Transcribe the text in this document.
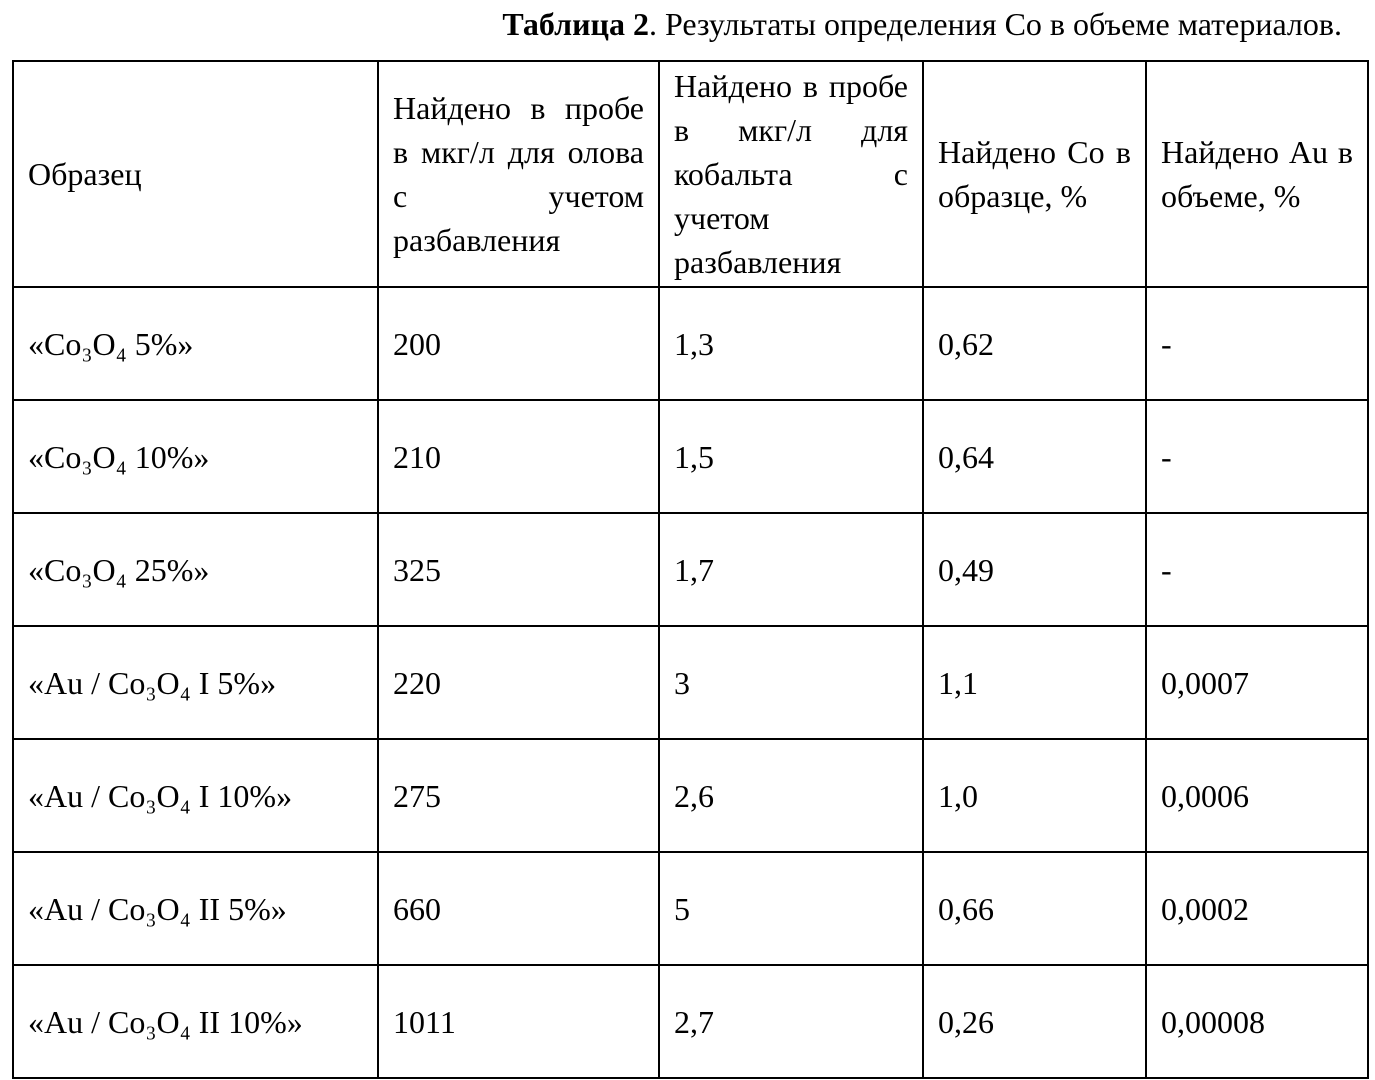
Таблица 2. Результаты определения Co в объеме материалов.
Образец	Найдено в пробе в мкг/л для олова с учетом разбавления	Найдено в пробе в мкг/л для кобальта с учетом разбавления	Найдено Co в образце, %	Найдено Au в объеме, %
«Co₃O₄ 5%»	200	1,3	0,62	-
«Co₃O₄ 10%»	210	1,5	0,64	-
«Co₃O₄ 25%»	325	1,7	0,49	-
«Au / Co₃O₄ I 5%»	220	3	1,1	0,0007
«Au / Co₃O₄ I 10%»	275	2,6	1,0	0,0006
«Au / Co₃O₄ II 5%»	660	5	0,66	0,0002
«Au / Co₃O₄ II 10%»	1011	2,7	0,26	0,00008
